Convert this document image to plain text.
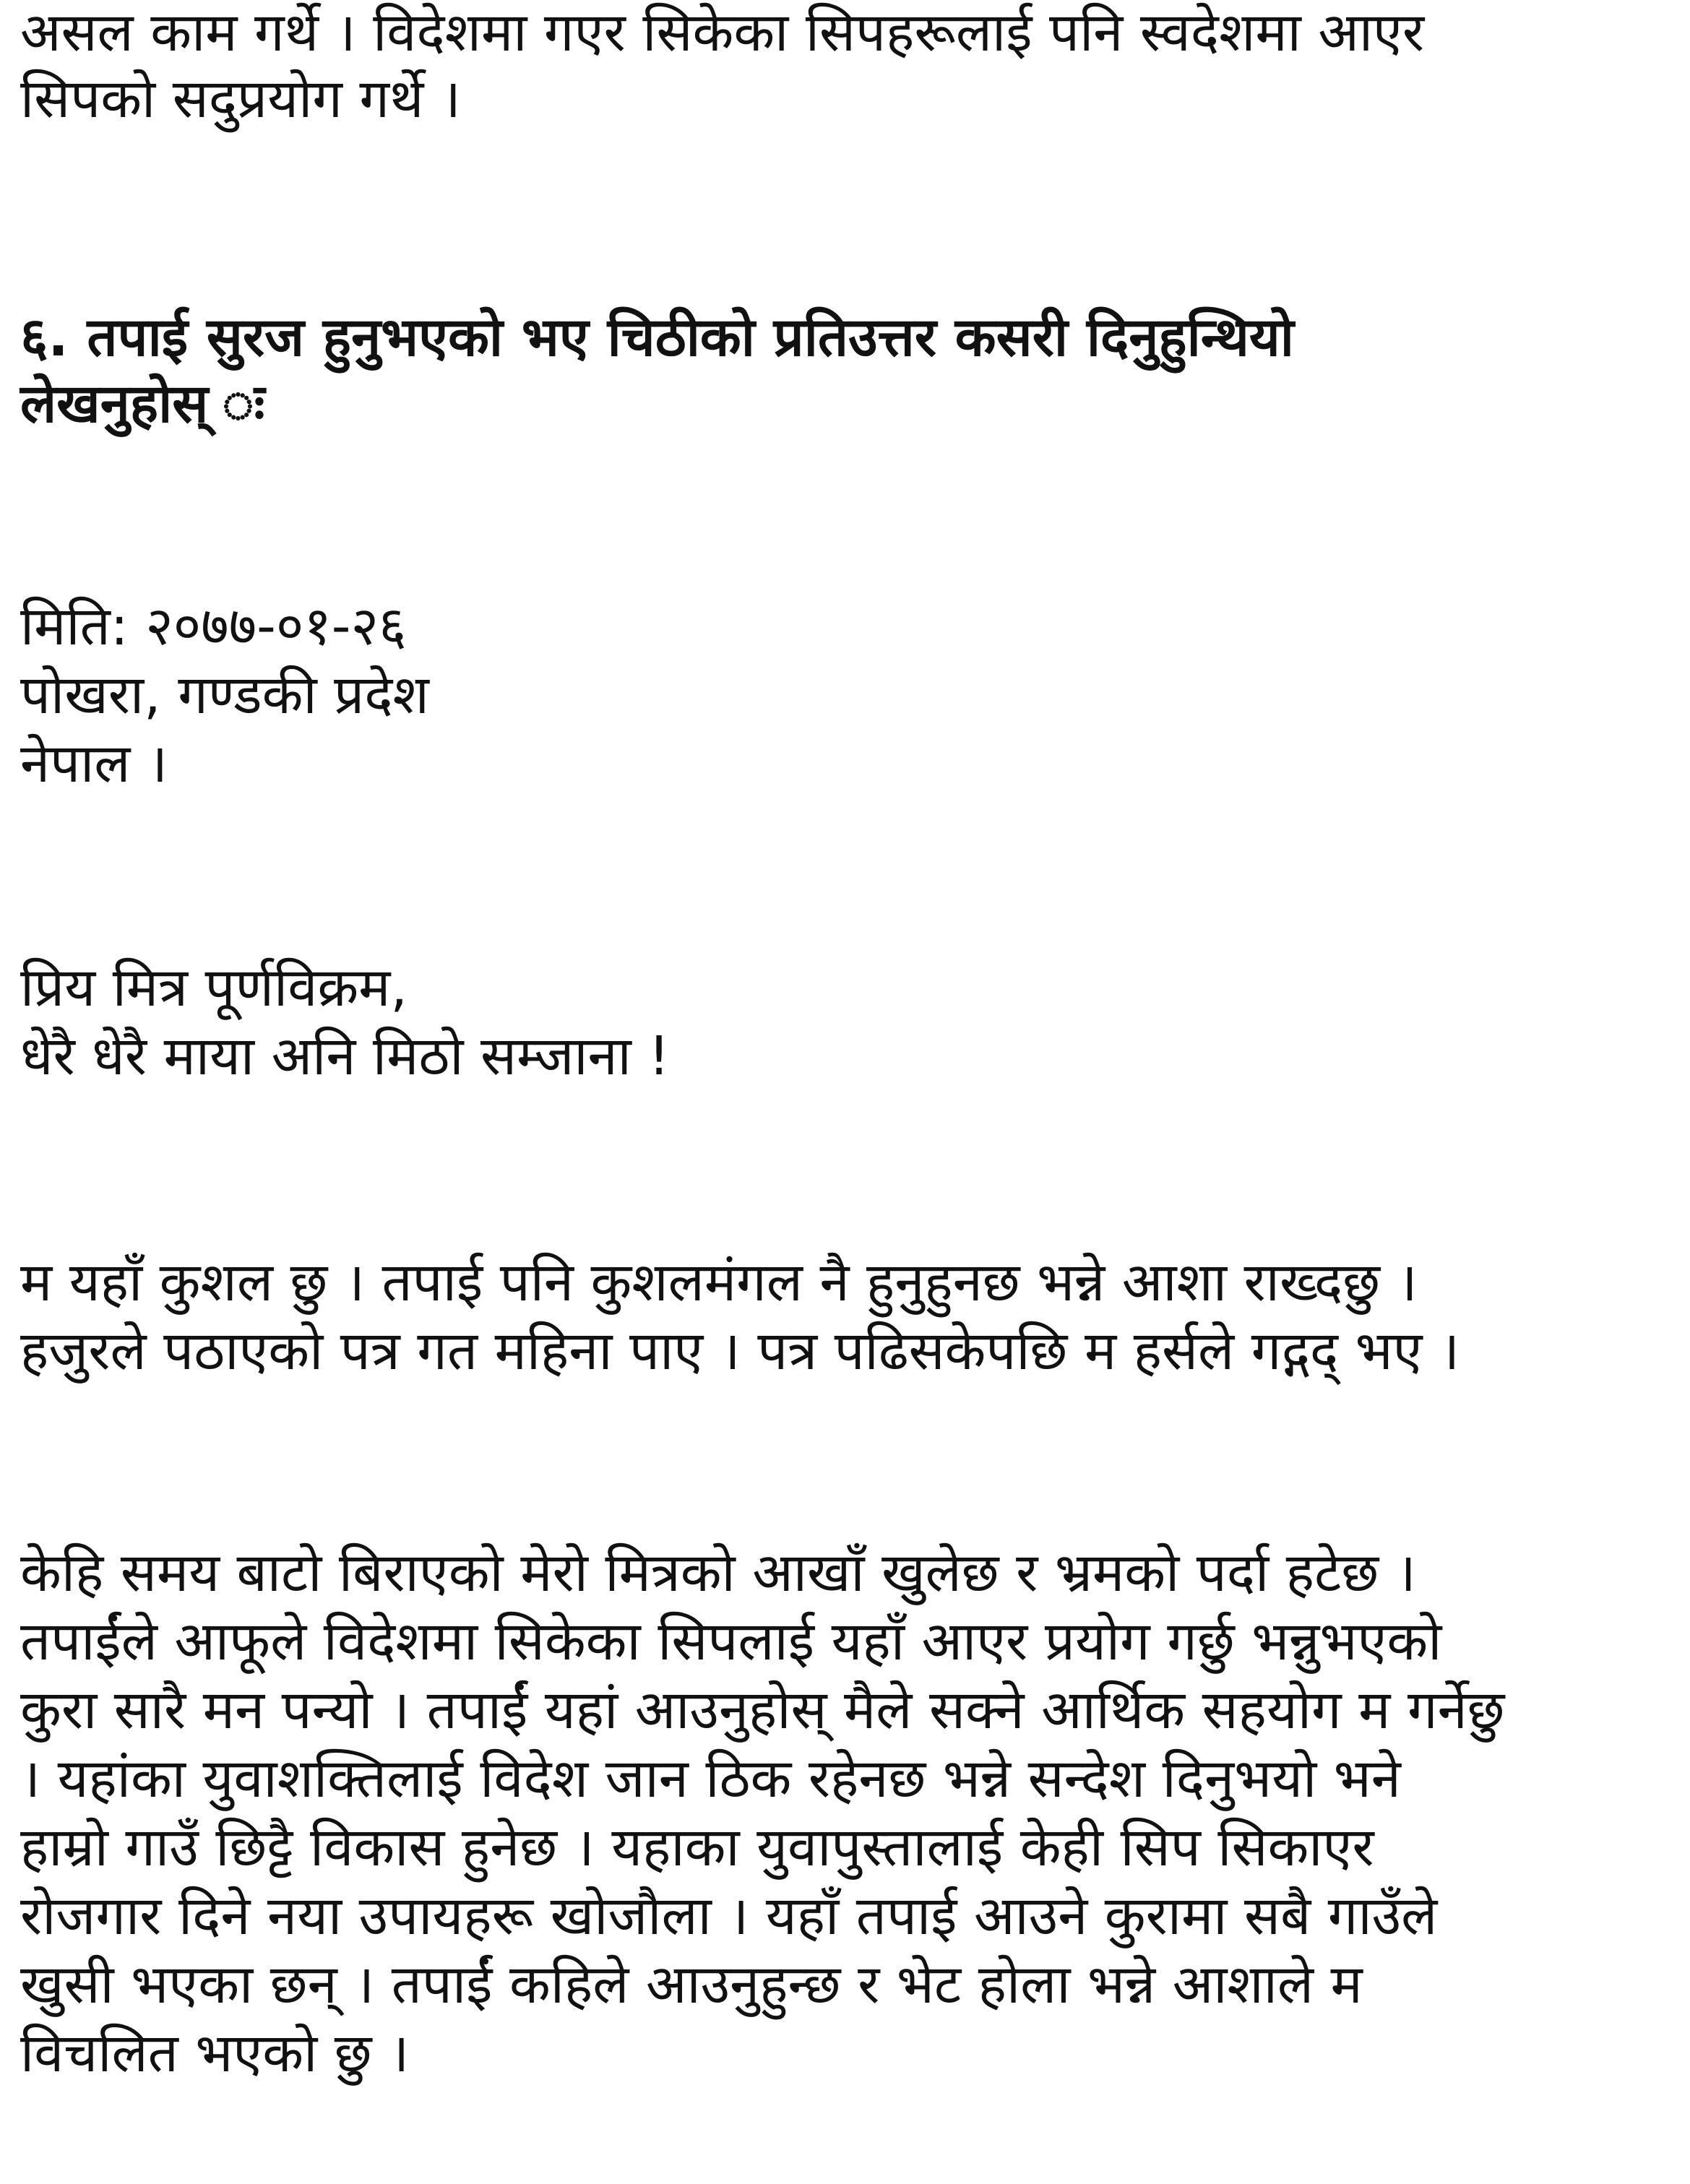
असल काम गर्थे । विदेशमा गएर सिकेका सिपहरूलाई पनि स्वदेशमा आएर
सिपको सदुप्रयोग गर्थे ।
६. तपाई सुरज हुनुभएको भए चिठीको प्रतिउत्तर कसरी दिनुहुन्थियो
लेखनुहोस् ः
मिति: २०७७-०१-२६
पोखरा, गण्डकी प्रदेश
नेपाल ।
प्रिय मित्र पूर्णविक्रम,
धेरै धेरै माया अनि मिठो सम्जाना !
म यहाँ कुशल छु । तपाई पनि कुशलमंगल नै हुनुहुनछ भन्ने आशा राख्दछु ।
हजुरले पठाएको पत्र गत महिना पाए । पत्र पढिसकेपछि म हर्सले गद्गद् भए ।
केहि समय बाटो बिराएको मेरो मित्रको आखाँ खुलेछ र भ्रमको पर्दा हटेछ ।
तपाईंले आफूले विदेशमा सिकेका सिपलाई यहाँ आएर प्रयोग गर्छु भन्नुभएको
कुरा सारै मन पन्यो । तपाईं यहां आउनुहोस् मैले सक्ने आर्थिक सहयोग म गर्नेछु
। यहांका युवाशक्तिलाई विदेश जान ठिक रहेनछ भन्ने सन्देश दिनुभयो भने
हाम्रो गाउँ छिट्टै विकास हुनेछ । यहाका युवापुस्तालाई केही सिप सिकाएर
रोजगार दिने नया उपायहरू खोजौला । यहाँ तपाई आउने कुरामा सबै गाउँले
खुसी भएका छन् । तपाईं कहिले आउनुहुन्छ र भेट होला भन्ने आशाले म
विचलित भएको छु ।
